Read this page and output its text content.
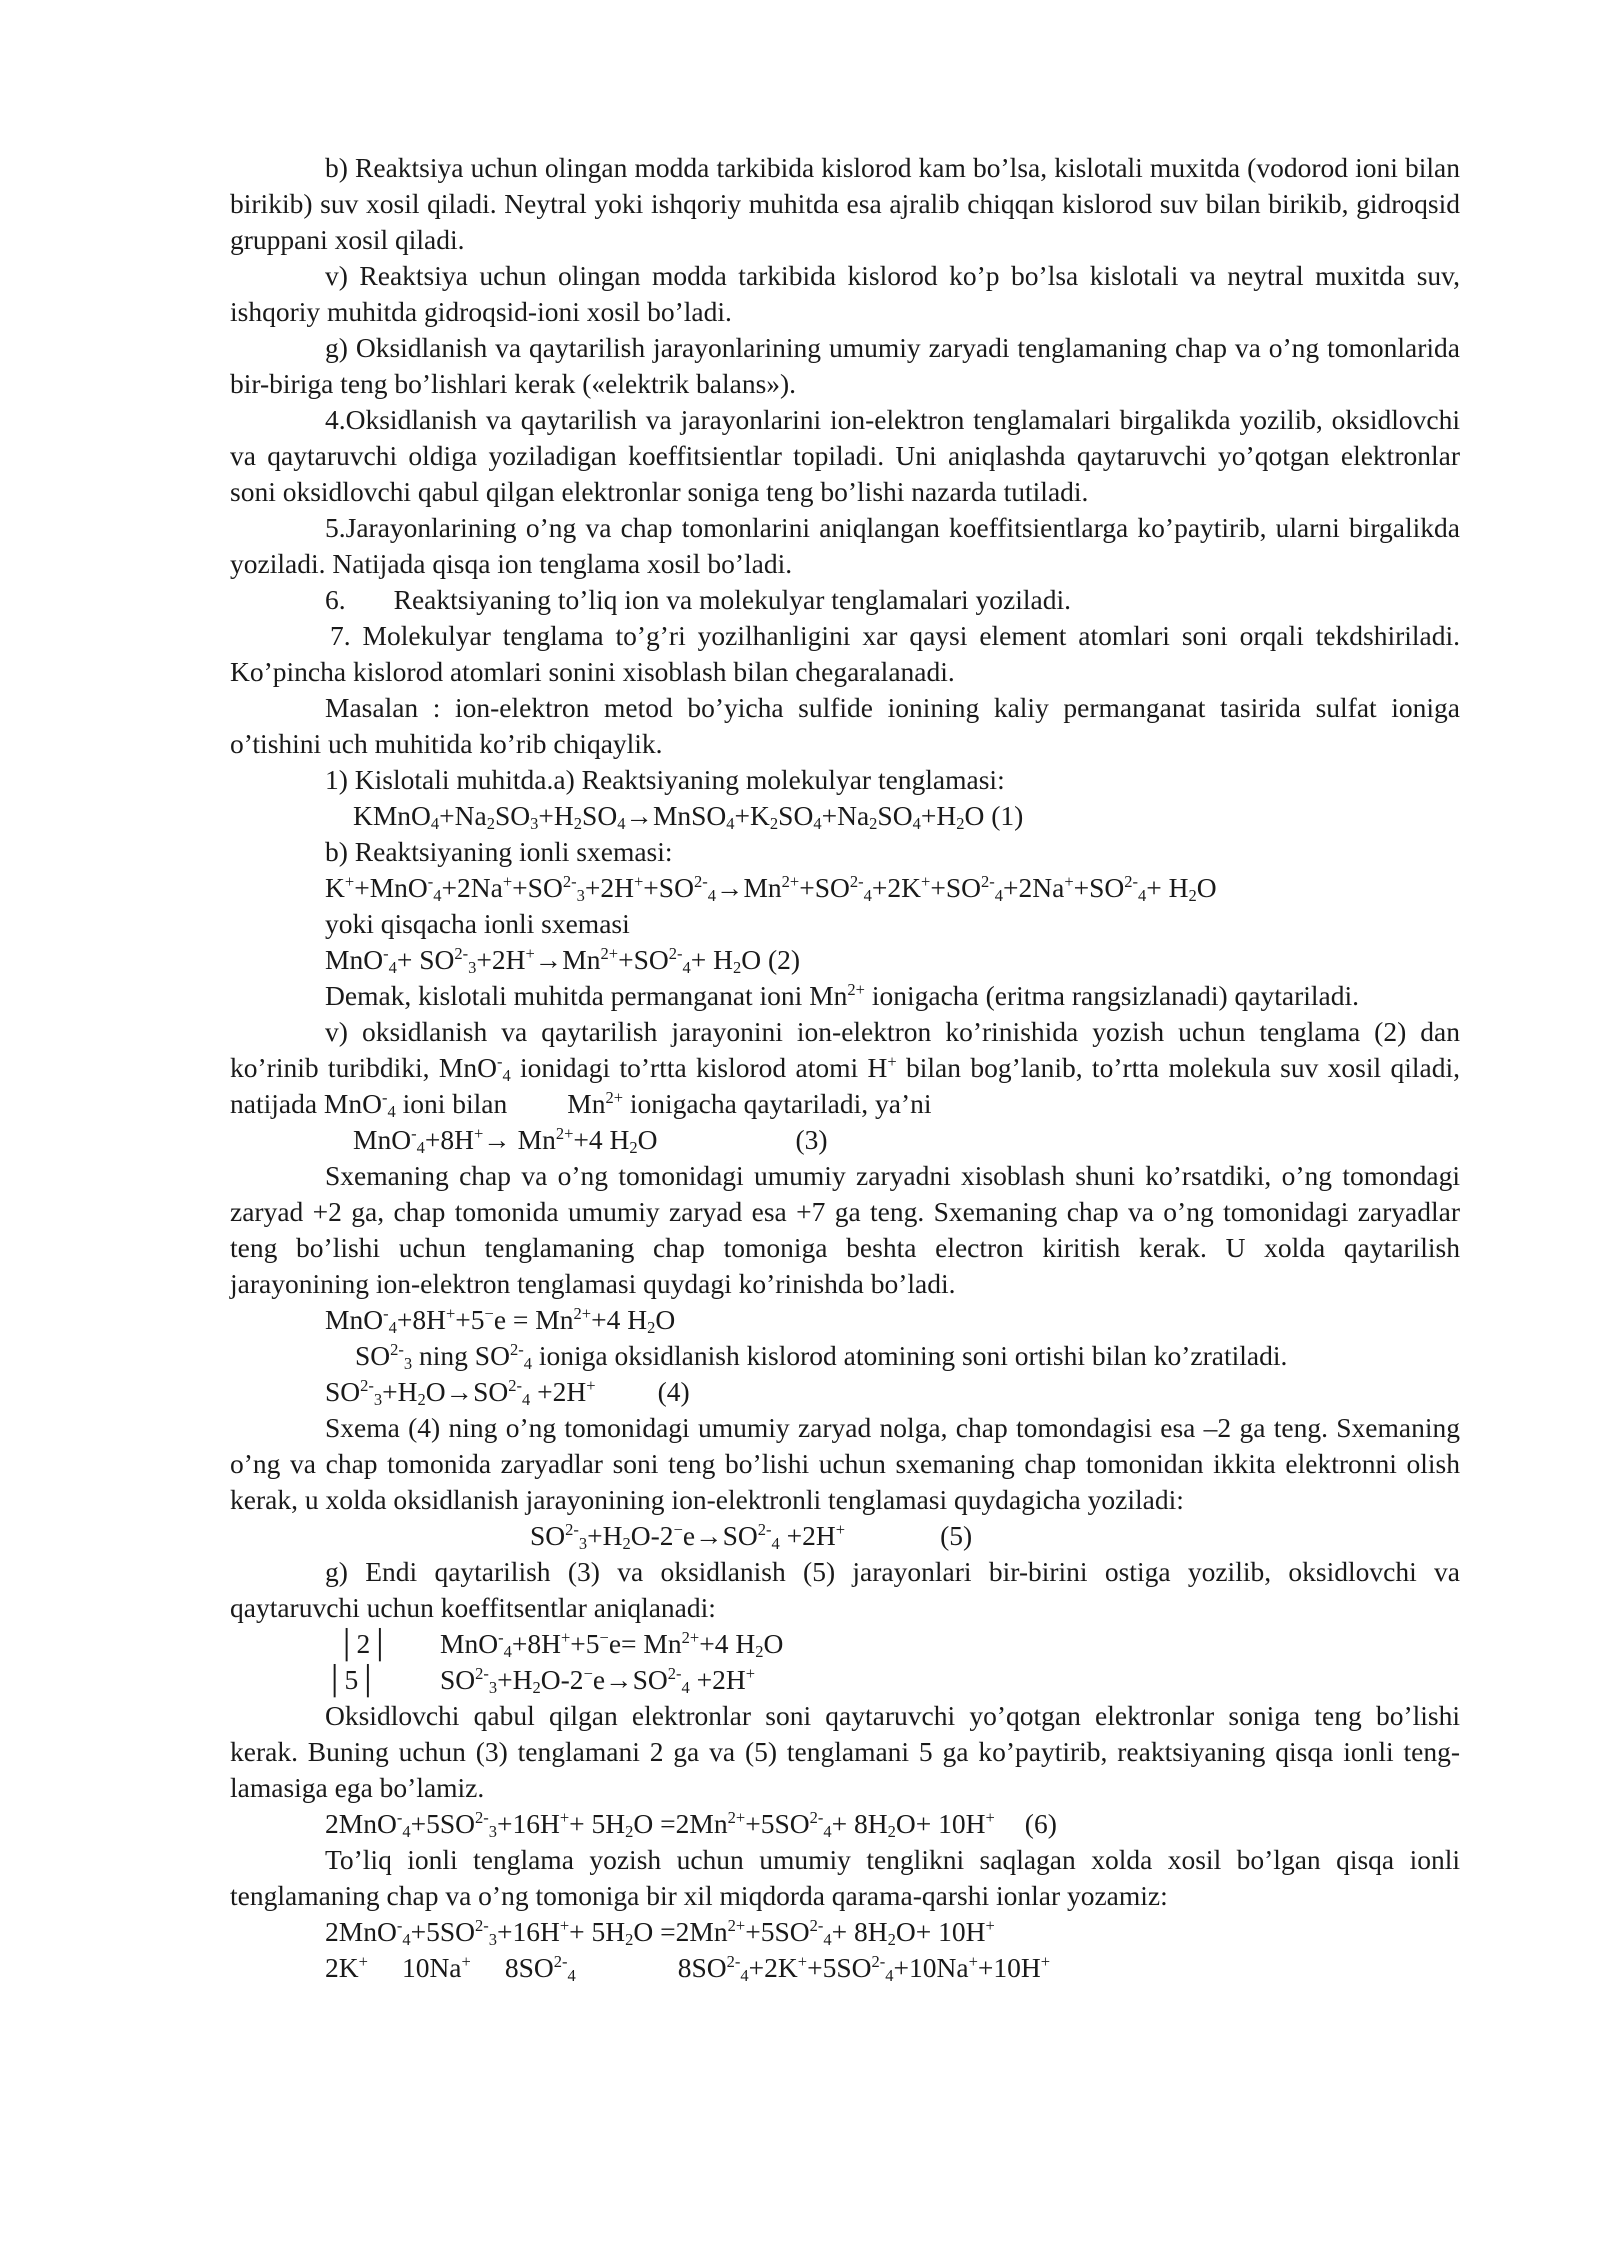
b) Reaktsiya uchun olingan modda tarkibida kislorod kam bo’lsa, kislotali muxitda (vodorod ioni bilan birikib) suv xosil qiladi. Neytral yoki ishqoriy muhitda esa ajralib chiqqan kislorod suv bilan birikib, gidroqsid gruppani xosil qiladi.

v) Reaktsiya uchun olingan modda tarkibida kislorod ko’p bo’lsa kislotali va neytral muxitda suv, ishqoriy muhitda gidroqsid-ioni xosil bo’ladi.

g) Oksidlanish va qaytarilish jarayonlarining umumiy zaryadi tenglamaning chap va o’ng tomonlarida bir-biriga teng bo’lishlari kerak («elektrik balans»).

4.Oksidlanish va qaytarilish va jarayonlarini ion-elektron tenglamalari birgalikda yozilib, oksidlovchi va qaytaruvchi oldiga yoziladigan koeffitsientlar topiladi. Uni aniqlashda qaytaruvchi yo’qotgan elektronlar soni oksidlovchi qabul qilgan elektronlar soniga teng bo’lishi nazarda tutiladi.

5.Jarayonlarining o’ng va chap tomonlarini aniqlangan koeffitsientlarga ko’paytirib, ularni birgalikda yoziladi. Natijada qisqa ion tenglama xosil bo’ladi.

6. Reaktsiyaning to’liq ion va molekulyar tenglamalari yoziladi.

7. Molekulyar tenglama to’g’ri yozilhanligini xar qaysi element atomlari soni orqali tekdshiriladi. Ko’pincha kislorod atomlari sonini xisoblash bilan chegaralanadi.

Masalan : ion-elektron metod bo’yicha sulfide ionining kaliy permanganat tasirida sulfat ioniga o’tishini uch muhitida ko’rib chiqaylik.

1) Kislotali muhitda.a) Reaktsiyaning molekulyar tenglamasi:

$KMnO_4+Na_2SO_3+H_2SO_4\to MnSO_4+K_2SO_4+Na_2SO_4+H_2O$ (1)

b) Reaktsiyaning ionli sxemasi:

$K^++MnO^-_4+2Na^++SO^{2-}_3+2H^++SO^{2-}_4\to Mn^{2+}+SO^{2-}_4+2K^++SO^{2-}_4+2Na^++SO^{2-}_4+ H_2O$

yoki qisqacha ionli sxemasi

$MnO^-_4+ SO^{2-}_3+2H^+\to Mn^{2+}+SO^{2-}_4+ H_2O$ (2)

Demak, kislotali muhitda permanganat ioni $Mn^{2+}$ ionigacha (eritma rangsizlanadi) qaytariladi.

v) oksidlanish va qaytarilish jarayonini ion-elektron ko’rinishida yozish uchun tenglama (2) dan ko’rinib turibdiki, MnO-$_4$ ionidagi to’rtta kislorod atomi H+ bilan bog’lanib, to’rtta molekula suv xosil qiladi, natijada MnO-$_4$ ioni bilan $Mn^{2+}$ ionigacha qaytariladi, ya’ni

$MnO^-_4+8H^+\to Mn^{2+}+4$ $H_2O$	(3)

Sxemaning chap va o’ng tomonidagi umumiy zaryadni xisoblash shuni ko’rsatdiki, o’ng tomondagi zaryad +2 ga, chap tomonida umumiy zaryad esa +7 ga teng. Sxemaning chap va o’ng tomonidagi zaryadlar teng bo’lishi uchun tenglamaning chap tomoniga beshta electron kiritish kerak. U xolda qaytarilish jarayonining ion-elektron tenglamasi quydagi ko’rinishda bo’ladi.

$MnO^-_4+8H^++5^-e = Mn^{2+}+4$ $H_2O$

$SO^{2-}_3$ ning $SO^{2-}_4$ ioniga oksidlanish kislorod atomining soni ortishi bilan ko’zratiladi.

$SO^{2-}_3+H_2O\to SO^{2-}_4 +2H^+$ (4)

Sxema (4) ning o’ng tomonidagi umumiy zaryad nolga, chap tomondagisi esa –2 ga teng. Sxemaning o’ng va chap tomonida zaryadlar soni teng bo’lishi uchun sxemaning chap tomonidan ikkita elektronni olish kerak, u xolda oksidlanish jarayonining ion-elektronli tenglamasi quydagicha yoziladi:

$SO^{2-}_3+H_2O-2^-e\to SO^{2-}_4 +2H^+$	(5)

g) Endi qaytarilish (3) va oksidlanish (5) jarayonlari bir-birini ostiga yozilib, oksidlovchi va qaytaruvchi uchun koeffitsentlar aniqlanadi:

│2│ $MnO^-_4+8H^++5^-e= Mn^{2+}+4$ $H_2O$

│5│ $SO^{2-}_3+H_2O-2^-e\to SO^{2-}_4 +2H^+$

Oksidlovchi qabul qilgan elektronlar soni qaytaruvchi yo’qotgan elektronlar soniga teng bo’lishi kerak. Buning uchun (3) tenglamani 2 ga va (5) tenglamani 5 ga ko’paytirib, reaktsiyaning qisqa ionli teng-lamasiga ega bo’lamiz.

$2MnO^-_4+5SO^{2-}_3+16H^++ 5H_2O =2Mn^{2+}+5SO^{2-}_4+ 8H_2O+ 10H^+$ (6)

To’liq ionli tenglama yozish uchun umumiy tenglikni saqlagan xolda xosil bo’lgan qisqa ionli tenglamaning chap va o’ng tomoniga bir xil miqdorda qarama-qarshi ionlar yozamiz:

$2MnO^-_4+5SO^{2-}_3+16H^++ 5H_2O =2Mn^{2+}+5SO^{2-}_4+ 8H_2O+ 10H^+$

2K+ 10Na+ $8SO^{2-}_4$	$8SO^{2-}_4+2K^++5SO^{2-}_4+10Na^++10H^+$
